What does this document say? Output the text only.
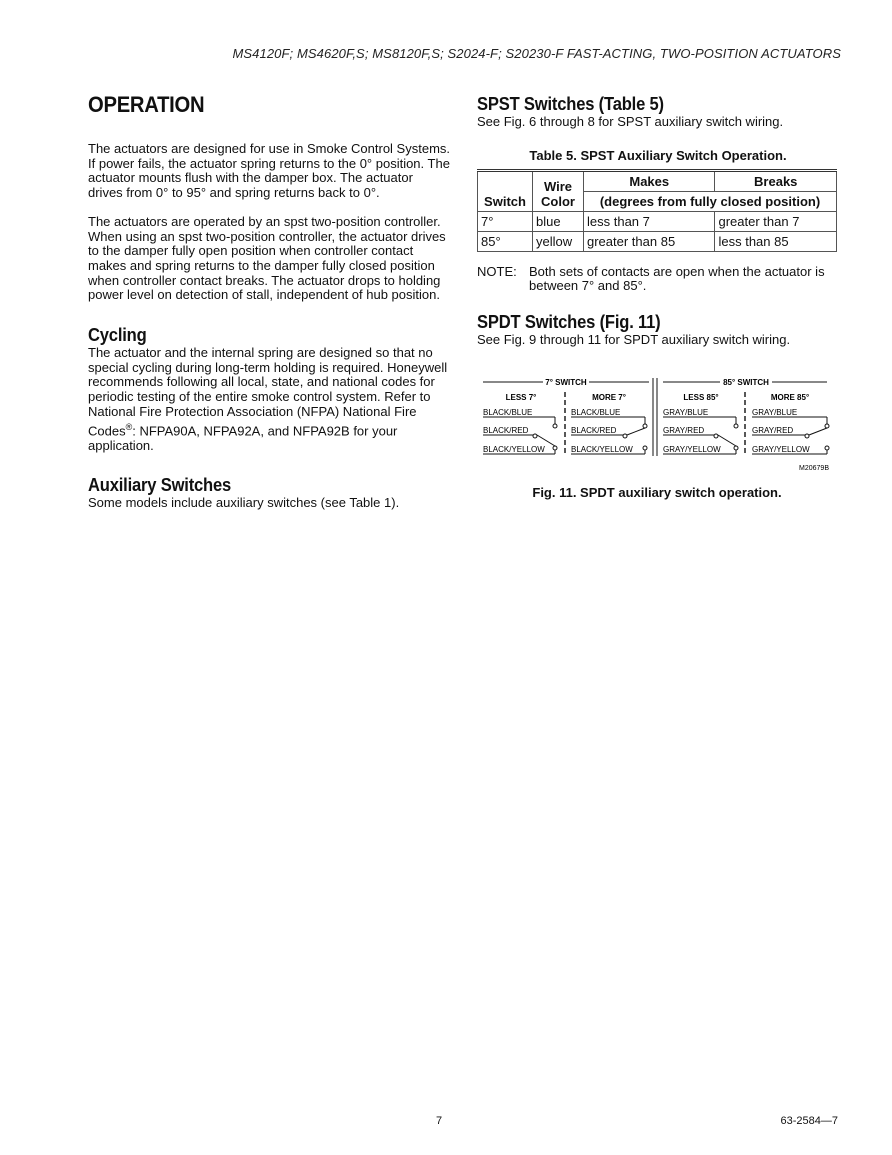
MS4120F; MS4620F,S; MS8120F,S; S2024-F; S20230-F FAST-ACTING, TWO-POSITION ACTUATORS
OPERATION

The actuators are designed for use in Smoke Control Systems. If power fails, the actuator spring returns to the 0° position. The actuator mounts flush with the damper box. The actuator drives from 0° to 95° and spring returns back to 0°.

The actuators are operated by an spst two-position controller. When using an spst two-position controller, the actuator drives to the damper fully open position when controller contact makes and spring returns to the damper fully closed position when controller contact breaks. The actuator drops to holding power level on detection of stall, independent of hub position.

Cycling

The actuator and the internal spring are designed so that no special cycling during long-term holding is required. Honeywell recommends following all local, state, and national codes for periodic testing of the entire smoke control system. Refer to National Fire Protection Association (NFPA) National Fire Codes®: NFPA90A, NFPA92A, and NFPA92B for your application.

Auxiliary Switches

Some models include auxiliary switches (see Table 1).

SPST Switches (Table 5)

See Fig. 6 through 8 for SPST auxiliary switch wiring.

Table 5. SPST Auxiliary Switch Operation.
Switch	Wire Color	Makes	Breaks
		(degrees from fully closed position)	
7°	blue	less than 7	greater than 7
85°	yellow	greater than 85	less than 85
NOTE: Both sets of contacts are open when the actuator is between 7° and 85°.
SPDT Switches (Fig. 11)

See Fig. 9 through 11 for SPDT auxiliary switch wiring.

7° SWITCH	85° SWITCH
LESS 7°	MORE 7°	LESS 85°	MORE 85°
BLACK/BLUE
BLACK/RED
BLACK/YELLOW
BLACK/BLUE
BLACK/RED
BLACK/YELLOW
GRAY/BLUE
GRAY/RED
GRAY/YELLOW
GRAY/BLUE
GRAY/RED
GRAY/YELLOW
M20679B
Fig. 11. SPDT auxiliary switch operation.
7	63-2584—7
